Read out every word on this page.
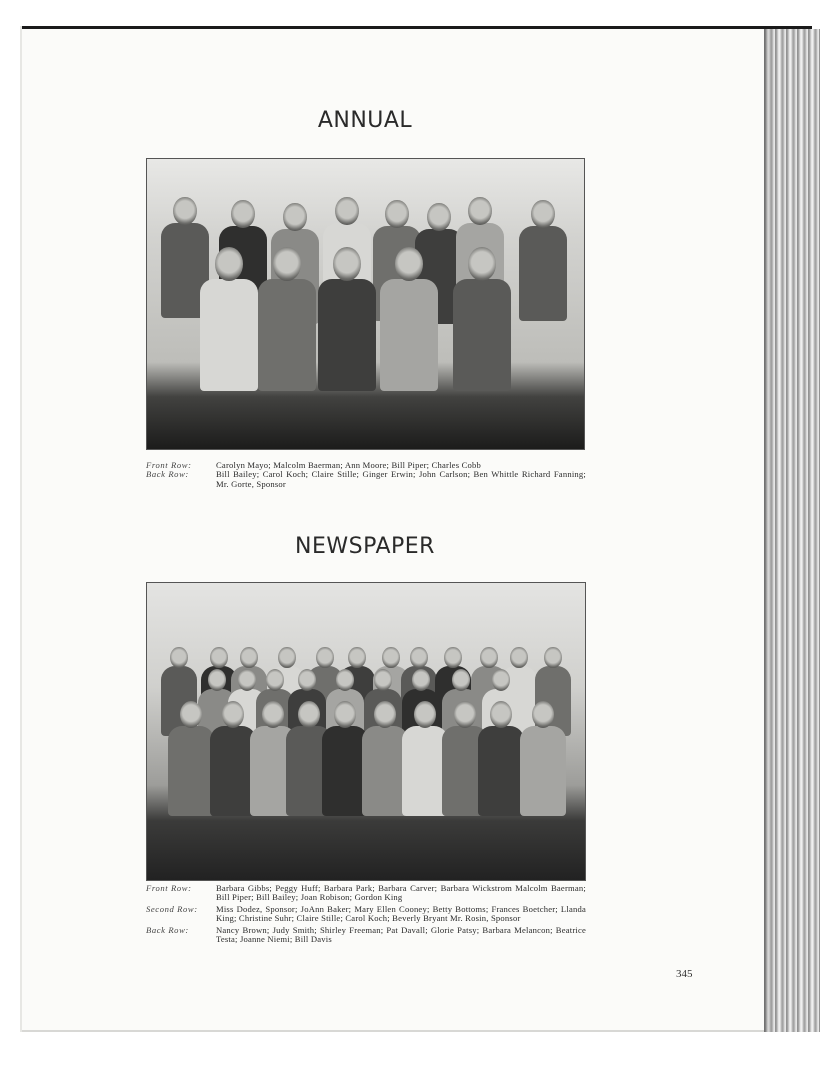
ANNUAL
Front Row:	Carolyn Mayo; Malcolm Baerman; Ann Moore; Bill Piper; Charles Cobb
Back Row:	Bill Bailey; Carol Koch; Claire Stille; Ginger Erwin; John Carlson; Ben Whittle Richard Fanning; Mr. Gorte, Sponsor
NEWSPAPER
Front Row:	Barbara Gibbs; Peggy Huff; Barbara Park; Barbara Carver; Barbara Wickstrom Malcolm Baerman; Bill Piper; Bill Bailey; Joan Robison; Gordon King
Second Row:	Miss Dodez, Sponsor; JoAnn Baker; Mary Ellen Cooney; Betty Bottoms; Frances Boetcher; Llanda King; Christine Suhr; Claire Stille; Carol Koch; Beverly Bryant Mr. Rosin, Sponsor
Back Row:	Nancy Brown; Judy Smith; Shirley Freeman; Pat Davall; Glorie Patsy; Barbara Melancon; Beatrice Testa; Joanne Niemi; Bill Davis
345
